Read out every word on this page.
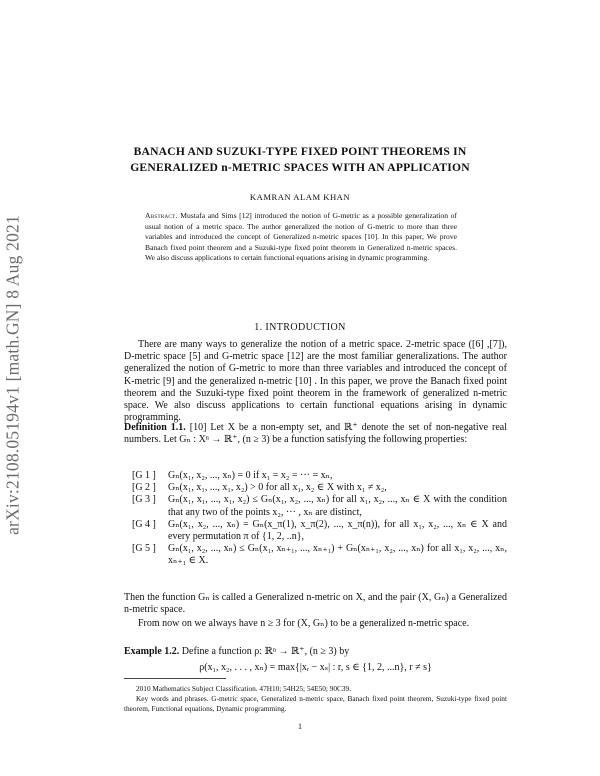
arXiv:2108.05194v1 [math.GN] 8 Aug 2021
BANACH AND SUZUKI-TYPE FIXED POINT THEOREMS IN
GENERALIZED n-METRIC SPACES WITH AN APPLICATION
KAMRAN ALAM KHAN
Abstract. Mustafa and Sims [12] introduced the notion of G-metric as a possible generalization of usual notion of a metric space. The author generalized the notion of G-metric to more than three variables and introduced the concept of Generalized n-metric spaces [10]. In this paper, We prove Banach fixed point theorem and a Suzuki-type fixed point theorem in Generalized n-metric spaces. We also discuss applications to certain functional equations arising in dynamic programming.
1. INTRODUCTION
There are many ways to generalize the notion of a metric space. 2-metric space ([6] ,[7]), D-metric space [5] and G-metric space [12] are the most familiar generalizations. The author generalized the notion of G-metric to more than three variables and introduced the concept of K-metric [9] and the generalized n-metric [10] . In this paper, we prove the Banach fixed point theorem and the Suzuki-type fixed point theorem in the framework of generalized n-metric space. We also discuss applications to certain functional equations arising in dynamic programming.
Definition 1.1. [10] Let X be a non-empty set, and ℝ⁺ denote the set of non-negative real numbers. Let Gₙ : Xⁿ → ℝ⁺, (n ≥ 3) be a function satisfying the following properties:
[G 1 ] Gₙ(x₁, x₂, ..., xₙ) = 0 if x₁ = x₂ = ··· = xₙ,
[G 2 ] Gₙ(x₁, x₁, ..., x₁, x₂) > 0 for all x₁, x₂ ∈ X with x₁ ≠ x₂,
[G 3 ] Gₙ(x₁, x₁, ..., x₁, x₂) ≤ Gₙ(x₁, x₂, ..., xₙ) for all x₁, x₂, ..., xₙ ∈ X with the condition that any two of the points x₂, ··· , xₙ are distinct,
[G 4 ] Gₙ(x₁, x₂, ..., xₙ) = Gₙ(x_π(1), x_π(2), ..., x_π(n)), for all x₁, x₂, ..., xₙ ∈ X and every permutation π of {1, 2, ..n},
[G 5 ] Gₙ(x₁, x₂, ..., xₙ) ≤ Gₙ(x₁, xₙ₊₁, ..., xₙ₊₁) + Gₙ(xₙ₊₁, x₂, ..., xₙ) for all x₁, x₂, ..., xₙ, xₙ₊₁ ∈ X.
Then the function Gₙ is called a Generalized n-metric on X, and the pair (X, Gₙ) a Generalized n-metric space.
From now on we always have n ≥ 3 for (X, Gₙ) to be a generalized n-metric space.
Example 1.2. Define a function ρ: ℝⁿ → ℝ⁺, (n ≥ 3) by
ρ(x₁, x₂, . . . , xₙ) = max{|xᵣ − xₛ| : r, s ∈ {1, 2, ...n}, r ≠ s}
2010 Mathematics Subject Classification. 47H10; 54H25; 54E50; 90C39.
Key words and phrases. G-metric space, Generalized n-metric space, Banach fixed point theorem, Suzuki-type fixed point theorem, Functional equations, Dynamic programming.
1
